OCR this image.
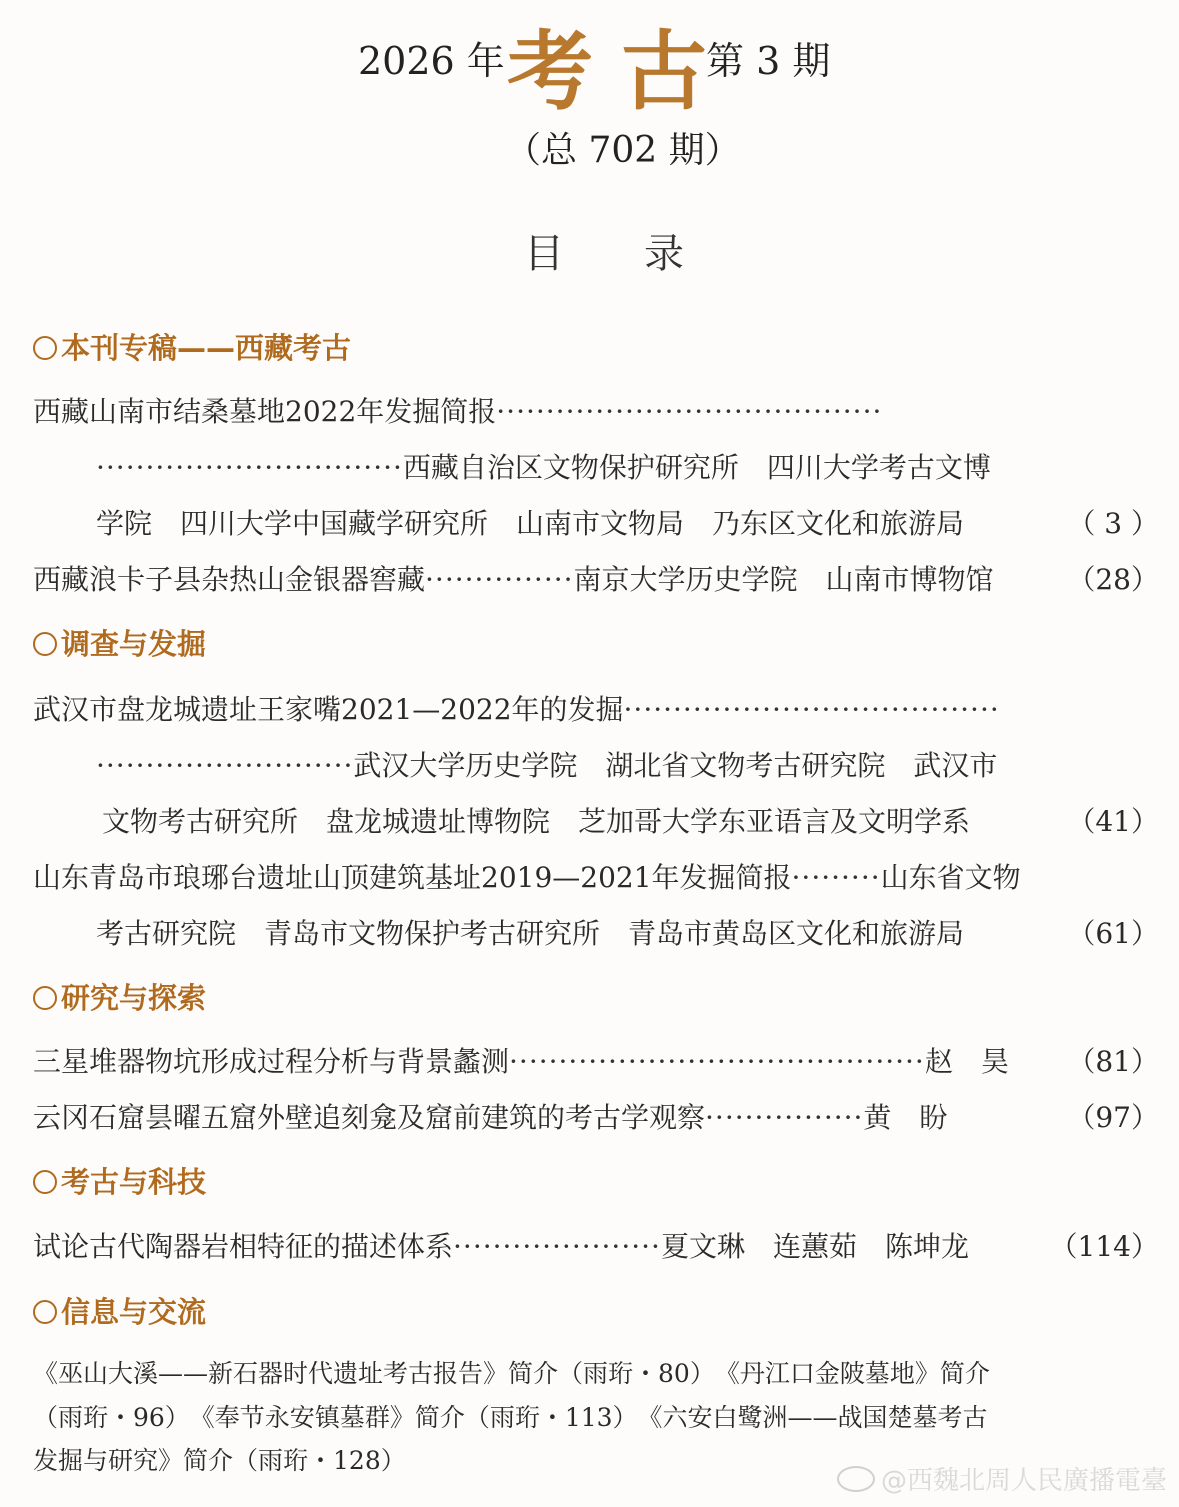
2026 年 考古
第 3 期
（总 702 期）
目录
本刊专稿——西藏考古
西藏山南市结桑墓地2022年发掘简报·······································
·······························西藏自治区文物保护研究所　四川大学考古文博
学院　四川大学中国藏学研究所　山南市文物局　乃东区文化和旅游局	（ 3 ）
西藏浪卡子县杂热山金银器窖藏···············南京大学历史学院　山南市博物馆	（28）
调查与发掘
武汉市盘龙城遗址王家嘴2021—2022年的发掘······································
··························武汉大学历史学院　湖北省文物考古研究院　武汉市
文物考古研究所　盘龙城遗址博物院　芝加哥大学东亚语言及文明学系	（41）
山东青岛市琅琊台遗址山顶建筑基址2019—2021年发掘简报·········山东省文物
考古研究院　青岛市文物保护考古研究所　青岛市黄岛区文化和旅游局	（61）
研究与探索
三星堆器物坑形成过程分析与背景蠡测··········································赵　昊 （81）
云冈石窟昙曜五窟外壁追刻龛及窟前建筑的考古学观察················黄　盼	（97）
考古与科技
试论古代陶器岩相特征的描述体系·····················夏文琳　连蕙茹　陈坤龙	（114）
信息与交流
《巫山大溪——新石器时代遗址考古报告》简介（雨珩・80）　《丹江口金陂墓地》简介
（雨珩・96）　《奉节永安镇墓群》简介（雨珩・113）　《六安白鹭洲——战国楚墓考古
发掘与研究》简介（雨珩・128）
@西魏北周人民廣播電臺
